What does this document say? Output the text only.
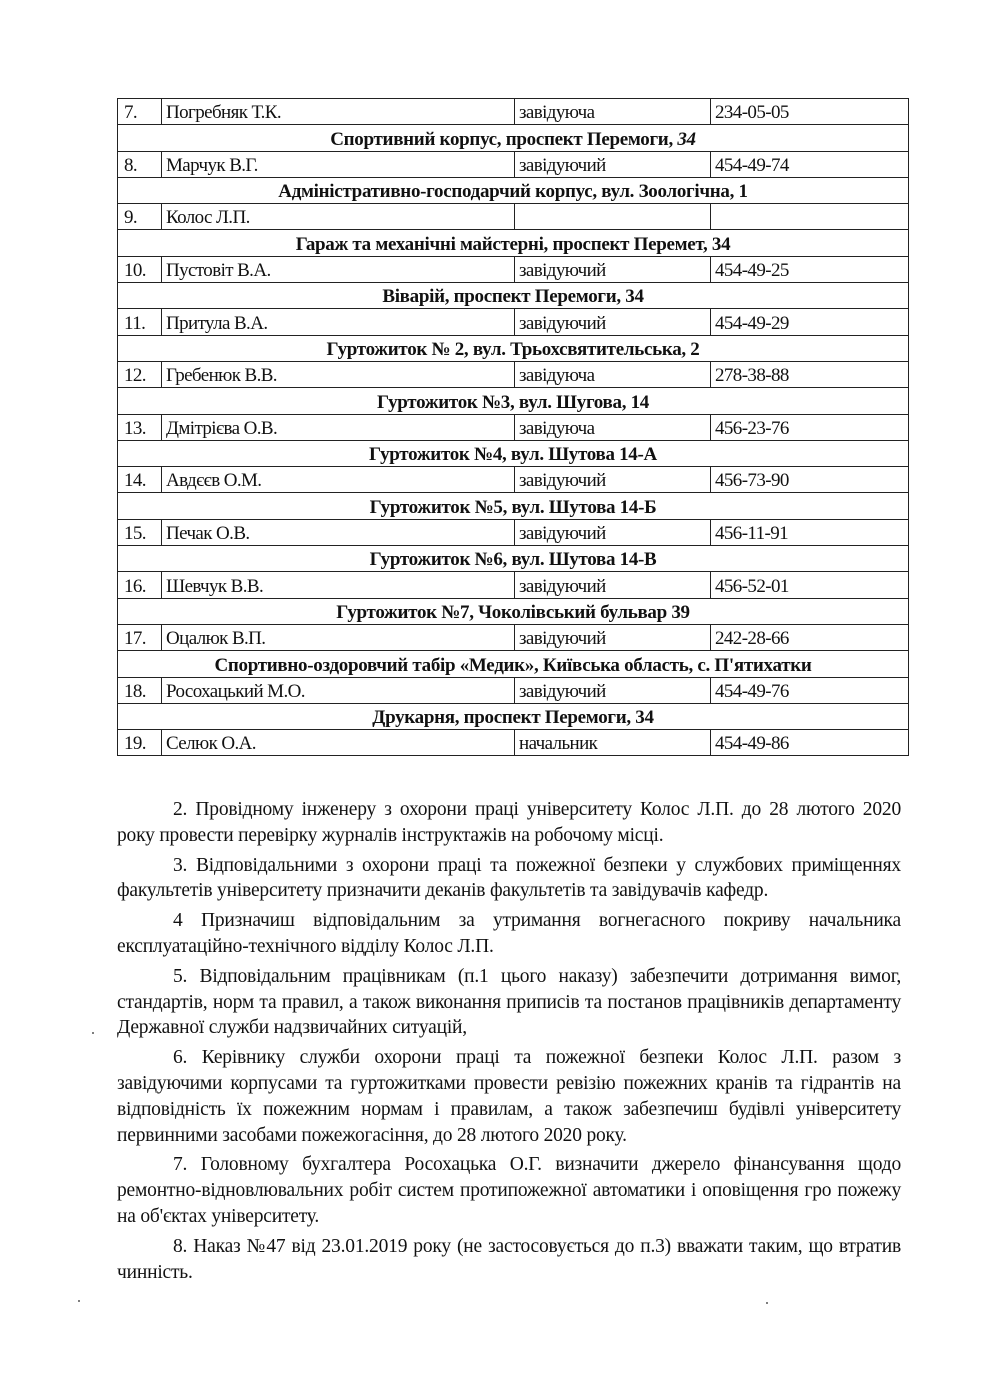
7.	Погребняк Т.К.	завідуюча	234-05-05
Спортивний корпус, проспект Перемоги, 34			
8.	Марчук В.Г.	завідуючий	454-49-74
Адміністративно-господарчий корпус, вул. Зоологічна, 1			
9.	Колос Л.П.		
Гараж та механічні майстерні, проспект Перемет, 34			
10.	Пустовіт В.А.	завідуючий	454-49-25
Віварій, проспект Перемоги, 34			
11.	Притула В.А.	завідуючий	454-49-29
Гуртожиток № 2, вул. Трьохсвятительська, 2			
12.	Гребенюк В.В.	завідуюча	278-38-88
Гуртожиток №3, вул. Шугова, 14			
13.	Дмітрієва О.В.	завідуюча	456-23-76
Гуртожиток №4, вул. Шутова 14-А			
14.	Авдєєв О.М.	завідуючий	456-73-90
Гуртожиток №5, вул. Шутова 14-Б			
15.	Печак О.В.	завідуючий	456-11-91
Гуртожиток №6, вул. Шутова 14-В			
16.	Шевчук В.В.	завідуючий	456-52-01
Гуртожиток №7, Чоколівський бульвар 39			
17.	Оцалюк В.П.	завідуючий	242-28-66
Спортивно-оздоровчий табір «Медик», Київська область, с. П'ятихатки			
18.	Росохацький М.О.	завідуючий	454-49-76
Друкарня, проспект Перемоги, 34			
19.	Селюк О.А.	начальник	454-49-86

2. Провідному інженеру з охорони праці університету Колос Л.П. до 28 лютого 2020 року провести перевірку журналів інструктажів на робочому місці.

3. Відповідальними з охорони праці та пожежної безпеки у службових приміщеннях факультетів університету призначити деканів факультетів та завідувачів кафедр.

4 Призначиш відповідальним за утримання вогнегасного покриву начальника експлуатаційно-технічного відділу Колос Л.П.

5. Відповідальним працівникам (п.1 цього наказу) забезпечити дотримання вимог, стандартів, норм та правил, а також виконання приписів та постанов працівників департаменту Державної служби надзвичайних ситуацій,

6. Керівнику служби охорони праці та пожежної безпеки Колос Л.П. разом з завідуючими корпусами та гуртожитками провести ревізію пожежних кранів та гідрантів на відповідність їх пожежним нормам і правилам, а також забезпечиш будівлі університету первинними засобами пожежогасіння, до 28 лютого 2020 року.

7. Головному бухгалтера Росохацька О.Г. визначити джерело фінансування щодо ремонтно-відновлювальних робіт систем протипожежної автоматики і оповіщення гро пожежу на об'єктах університету.

8. Наказ №47 від 23.01.2019 року (не застосовується до п.3) вважати таким, що втратив чинність.
